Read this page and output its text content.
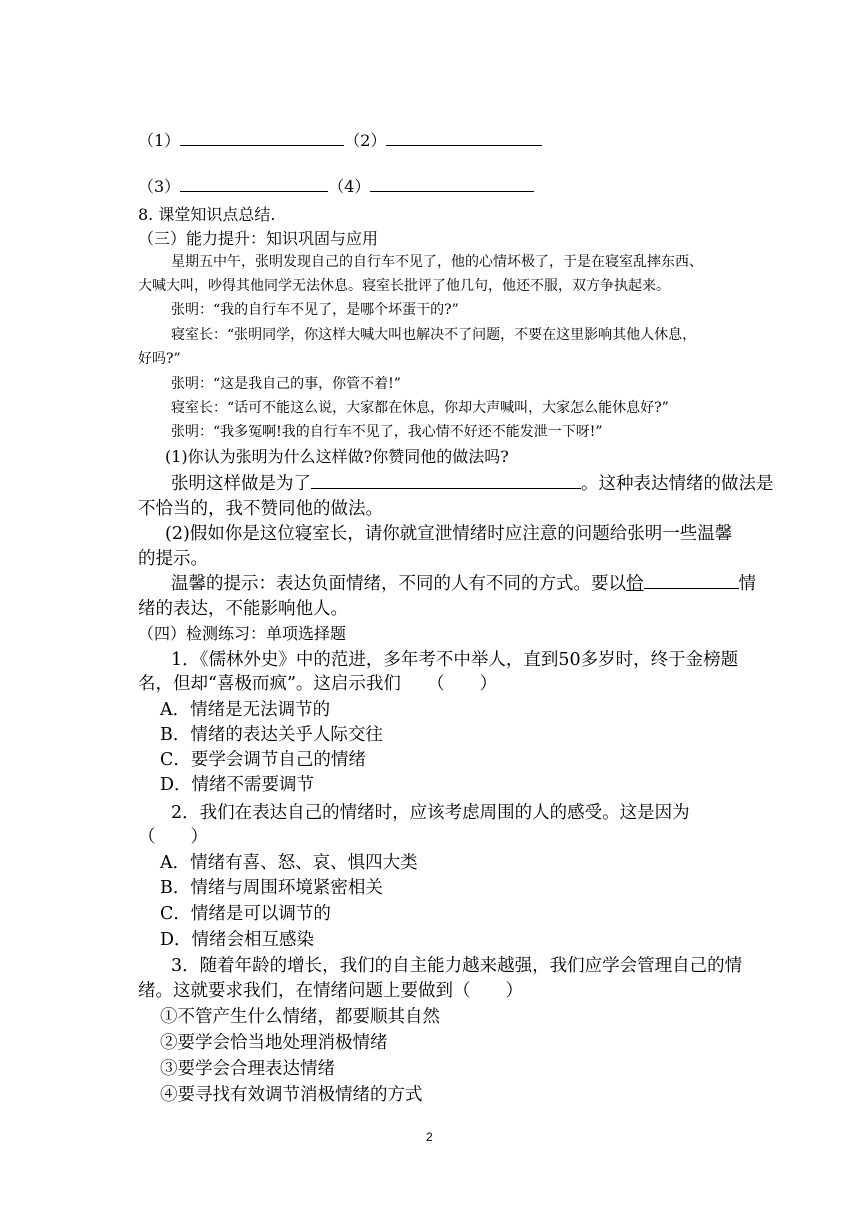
（1）	（2）
（3）	（4）
8. 课堂知识点总结.
（三）能力提升：知识巩固与应用
星期五中午，张明发现自己的自行车不见了，他的心情坏极了，于是在寝室乱摔东西、
大喊大叫，吵得其他同学无法休息。寝室长批评了他几句，他还不服，双方争执起来。
张明：“我的自行车不见了，是哪个坏蛋干的?”
寝室长：“张明同学，你这样大喊大叫也解决不了问题，不要在这里影响其他人休息，
好吗?”
张明：“这是我自己的事，你管不着!”
寝室长：“话可不能这么说，大家都在休息，你却大声喊叫，大家怎么能休息好?”
张明：“我多冤啊!我的自行车不见了，我心情不好还不能发泄一下呀!”
(1)你认为张明为什么这样做?你赞同他的做法吗?
张明这样做是为了	。这种表达情绪的做法是
不恰当的，我不赞同他的做法。
(2)假如你是这位寝室长，请你就宣泄情绪时应注意的问题给张明一些温馨
的提示。
温馨的提示：表达负面情绪，不同的人有不同的方式。要以恰	情
绪的表达，不能影响他人。
（四）检测练习：单项选择题
1．《儒林外史》中的范进，多年考不中举人，直到50多岁时，终于金榜题
名，但却“喜极而疯”。这启示我们　　（　　）
A．情绪是无法调节的
B．情绪的表达关乎人际交往
C．要学会调节自己的情绪
D．情绪不需要调节
2．我们在表达自己的情绪时，应该考虑周围的人的感受。这是因为
（　　）
A．情绪有喜、怒、哀、惧四大类
B．情绪与周围环境紧密相关
C．情绪是可以调节的
D．情绪会相互感染
3．随着年龄的增长，我们的自主能力越来越强，我们应学会管理自己的情
绪。这就要求我们，在情绪问题上要做到（　　）
①不管产生什么情绪，都要顺其自然
②要学会恰当地处理消极情绪
③要学会合理表达情绪
④要寻找有效调节消极情绪的方式
2
